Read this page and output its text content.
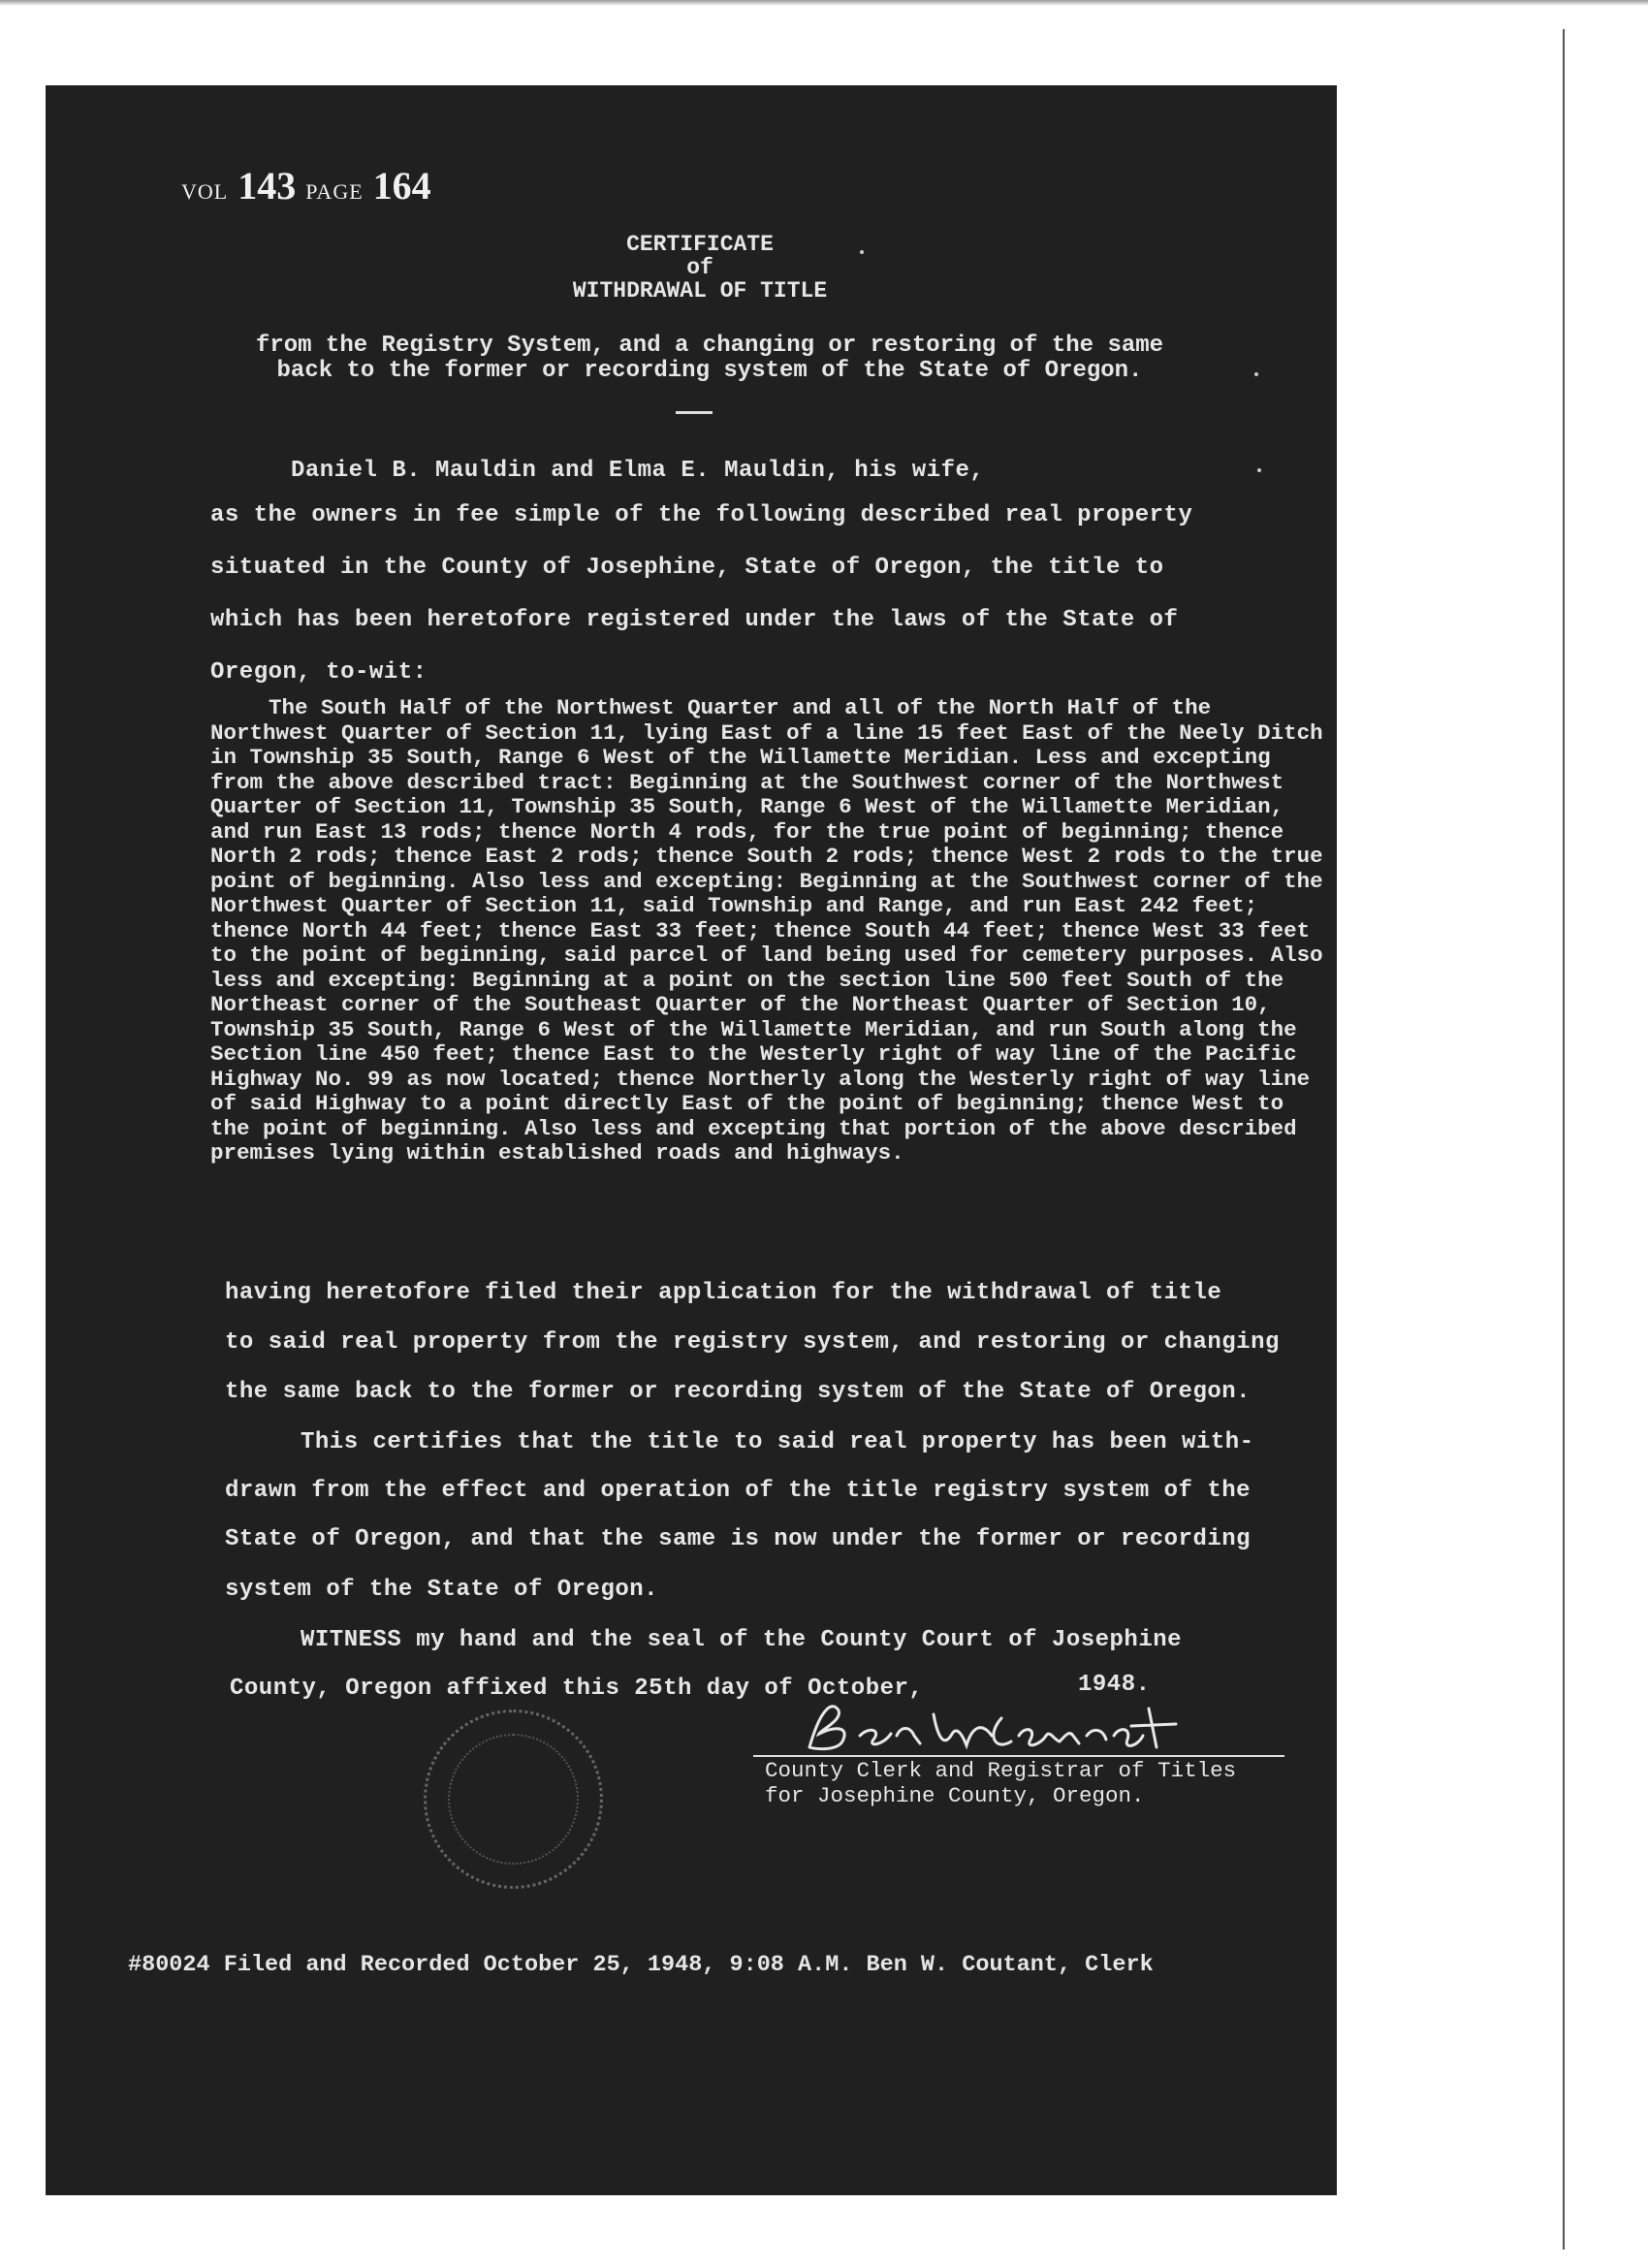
VOL 143 PAGE 164
CERTIFICATE
of
WITHDRAWAL OF TITLE
from the Registry System, and a changing or restoring of the same
back to the former or recording system of the State of Oregon.
Daniel B. Mauldin and Elma E. Mauldin, his wife,
as the owners in fee simple of the following described real property
situated in the County of Josephine, State of Oregon, the title to
which has been heretofore registered under the laws of the State of
Oregon, to-wit:

The South Half of the Northwest Quarter and all of the North Half of the Northwest Quarter of Section 11, lying East of a line 15 feet East of the Neely Ditch in Township 35 South, Range 6 West of the Willamette Meridian. Less and excepting from the above described tract: Beginning at the Southwest corner of the Northwest Quarter of Section 11, Township 35 South, Range 6 West of the Willamette Meridian, and run East 13 rods; thence North 4 rods, for the true point of beginning; thence North 2 rods; thence East 2 rods; thence South 2 rods; thence West 2 rods to the true point of beginning. Also less and excepting: Beginning at the Southwest corner of the Northwest Quarter of Section 11, said Township and Range, and run East 242 feet; thence North 44 feet; thence East 33 feet; thence South 44 feet; thence West 33 feet to the point of beginning, said parcel of land being used for cemetery purposes. Also less and excepting: Beginning at a point on the section line 500 feet South of the Northeast corner of the Southeast Quarter of the Northeast Quarter of Section 10, Township 35 South, Range 6 West of the Willamette Meridian, and run South along the Section line 450 feet; thence East to the Westerly right of way line of the Pacific Highway No. 99 as now located; thence Northerly along the Westerly right of way line of said Highway to a point directly East of the point of beginning; thence West to the point of beginning. Also less and excepting that portion of the above described premises lying within established roads and highways.

having heretofore filed their application for the withdrawal of title
to said real property from the registry system, and restoring or changing
the same back to the former or recording system of the State of Oregon.
This certifies that the title to said real property has been with-
drawn from the effect and operation of the title registry system of the
State of Oregon, and that the same is now under the former or recording
system of the State of Oregon.
WITNESS my hand and the seal of the County Court of Josephine
County, Oregon affixed this 25th day of October,	1948.
County Clerk and Registrar of Titles
for Josephine County, Oregon.
#80024 Filed and Recorded October 25, 1948, 9:08 A.M. Ben W. Coutant, Clerk
